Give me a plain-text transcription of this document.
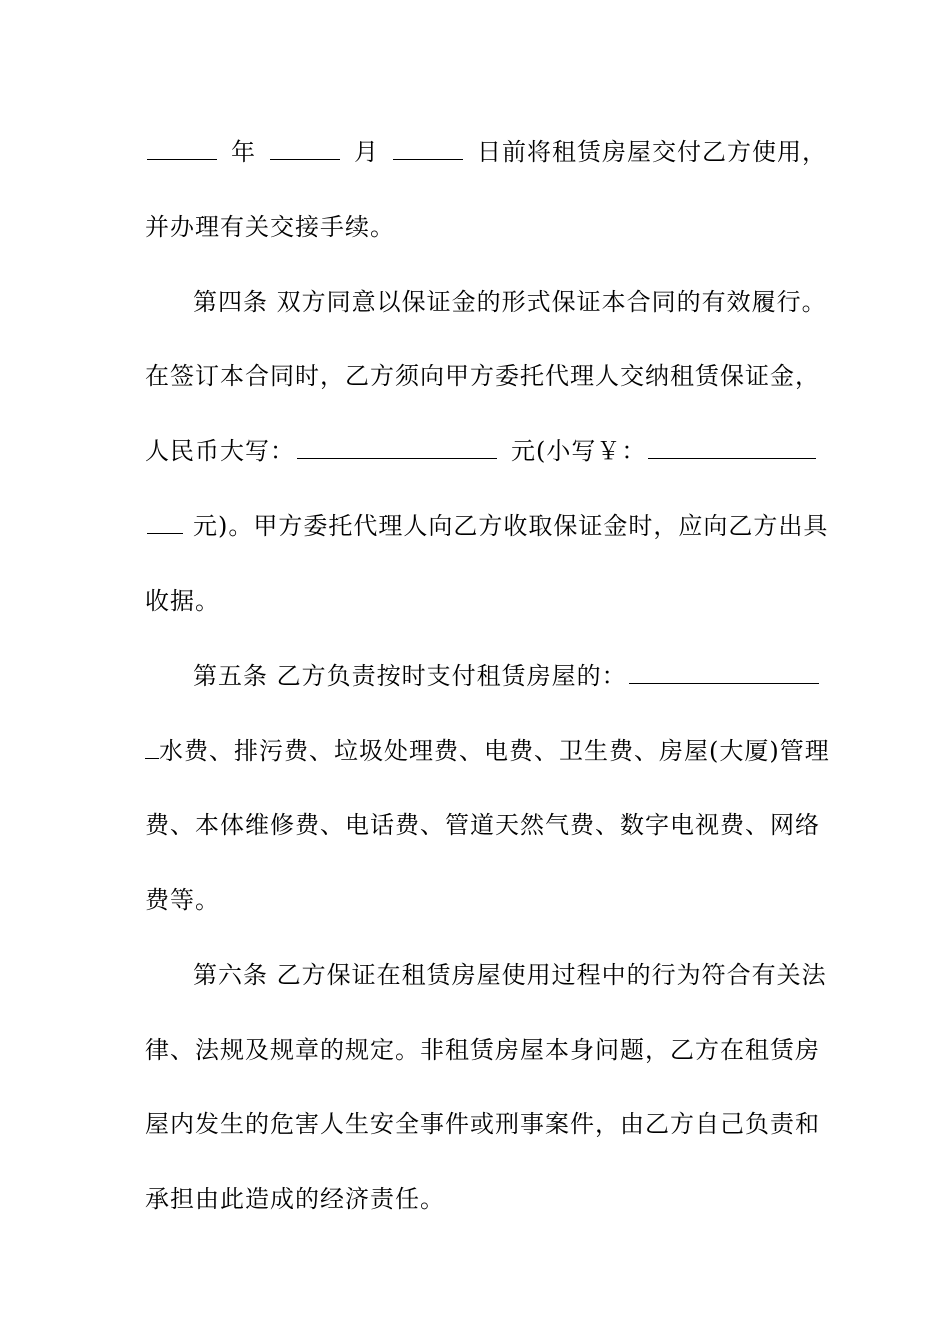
年	月	日前将租赁房屋交付乙方使用，
并办理有关交接手续。
第四条 双方同意以保证金的形式保证本合同的有效履行。
在签订本合同时，乙方须向甲方委托代理人交纳租赁保证金，
人民币大写：	元(小写￥：
元)。甲方委托代理人向乙方收取保证金时，应向乙方出具
收据。
第五条 乙方负责按时支付租赁房屋的：
水费、排污费、垃圾处理费、电费、卫生费、房屋(大厦)管理
费、本体维修费、电话费、管道天然气费、数字电视费、网络
费等。
第六条 乙方保证在租赁房屋使用过程中的行为符合有关法
律、法规及规章的规定。非租赁房屋本身问题，乙方在租赁房
屋内发生的危害人生安全事件或刑事案件，由乙方自己负责和
承担由此造成的经济责任。
